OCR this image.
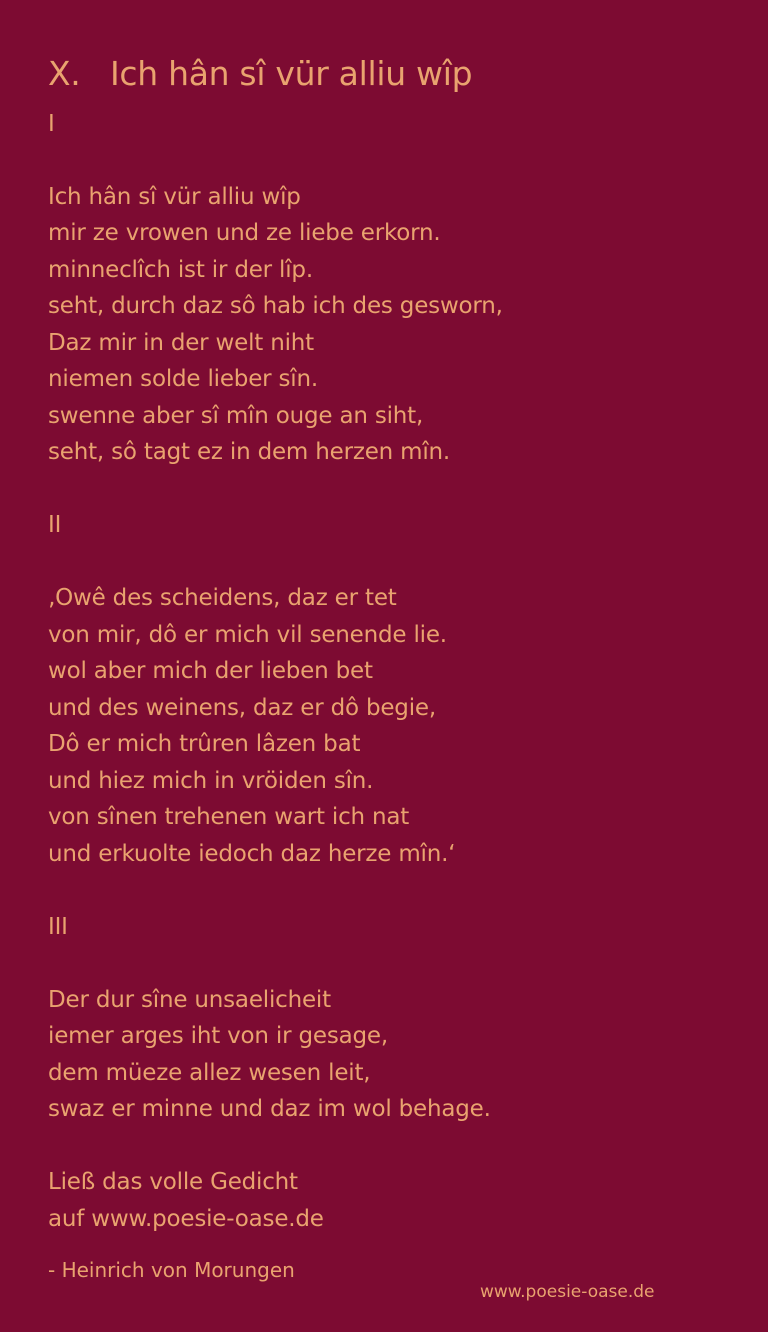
X. Ich hân sî vür alliu wîp
I
Ich hân sî vür alliu wîp
mir ze vrowen und ze liebe erkorn.
minneclîch ist ir der lîp.
seht, durch daz sô hab ich des gesworn,
Daz mir in der welt niht
niemen solde lieber sîn.
swenne aber sî mîn ouge an siht,
seht, sô tagt ez in dem herzen mîn.
II
‚Owê des scheidens, daz er tet
von mir, dô er mich vil senende lie.
wol aber mich der lieben bet
und des weinens, daz er dô begie,
Dô er mich trûren lâzen bat
und hiez mich in vröiden sîn.
von sînen trehenen wart ich nat
und erkuolte iedoch daz herze mîn.‘
III
Der dur sîne unsaelicheit
iemer arges iht von ir gesage,
dem müeze allez wesen leit,
swaz er minne und daz im wol behage.
Ließ das volle Gedicht
auf www.poesie-oase.de
- Heinrich von Morungen
www.poesie-oase.de
